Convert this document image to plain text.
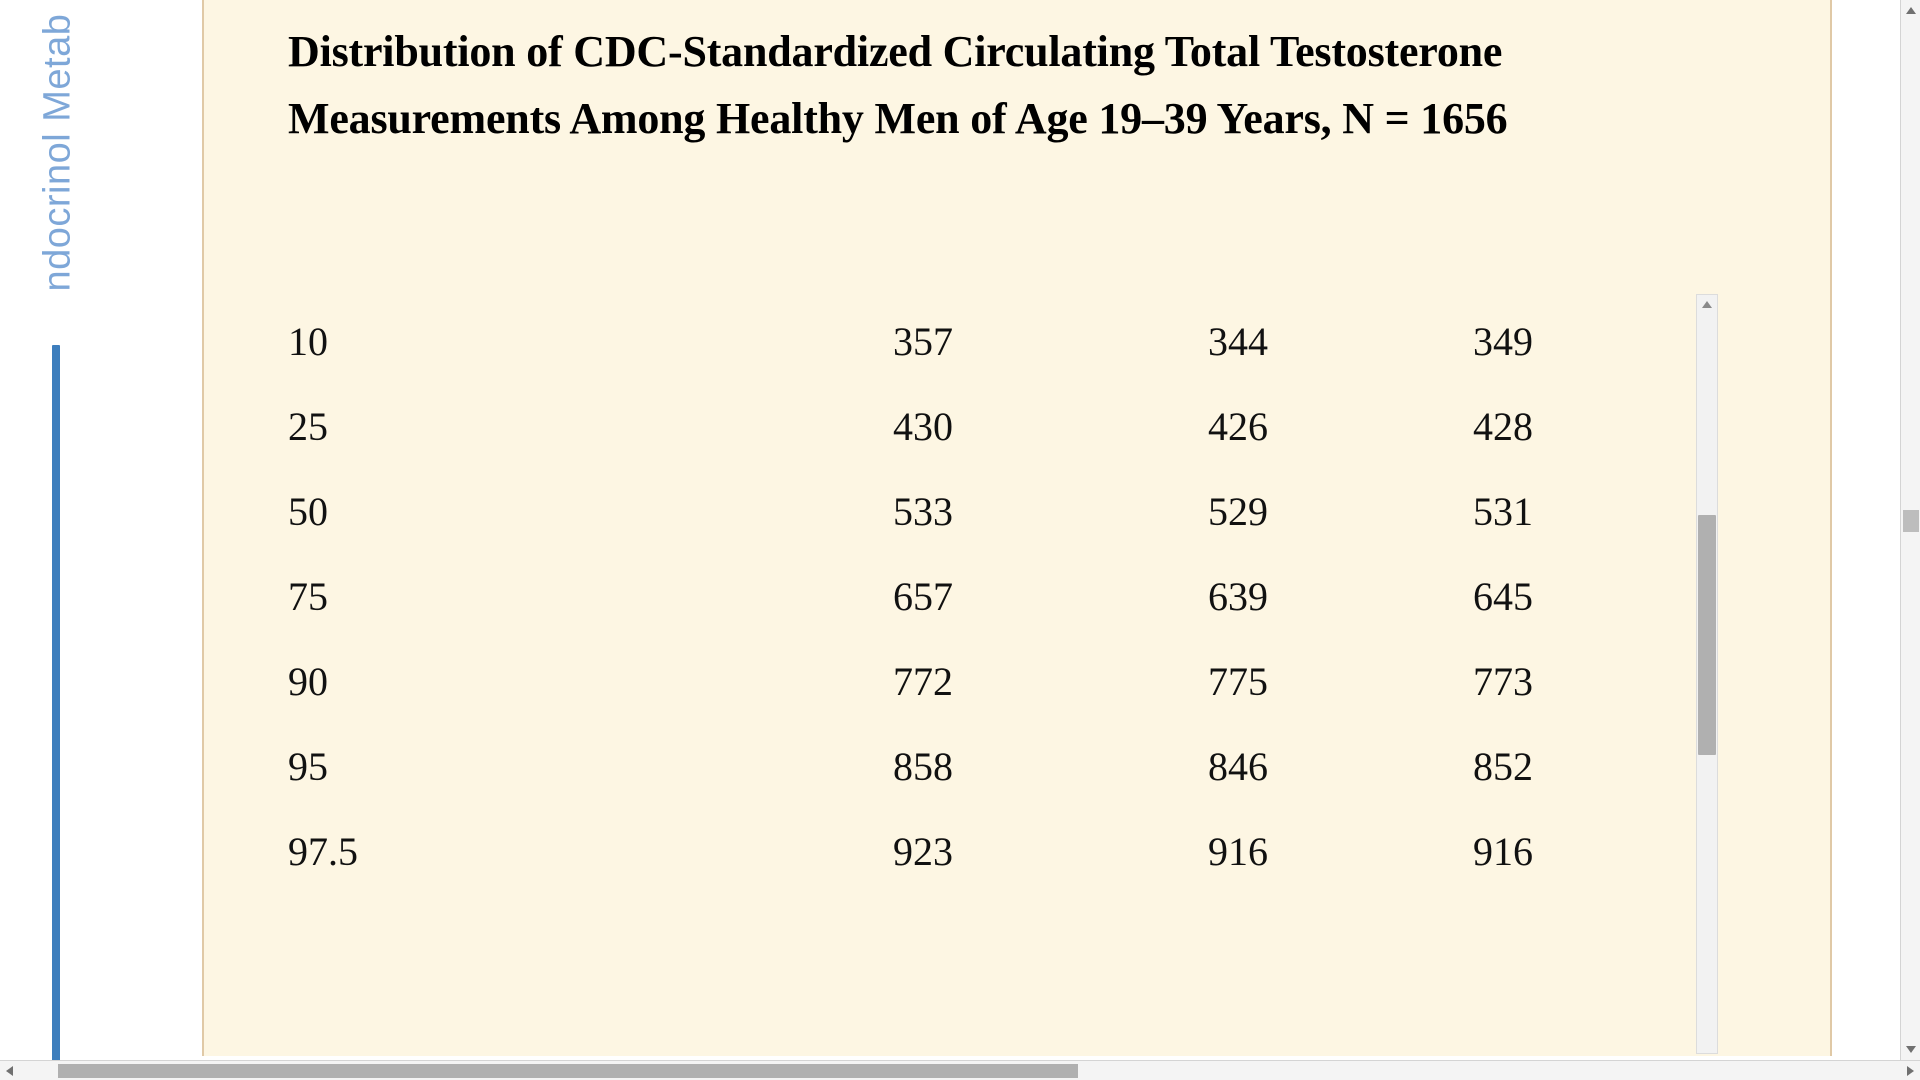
ndocrinol Metab	Distribution of CDC-Standardized Circulating Total Testosterone Measurements Among Healthy Men of Age 19–39 Years, N = 1656
10	357	344	349
25	430	426	428
50	533	529	531
75	657	639	645
90	772	775	773
95	858	846	852
97.5	923	916	916
